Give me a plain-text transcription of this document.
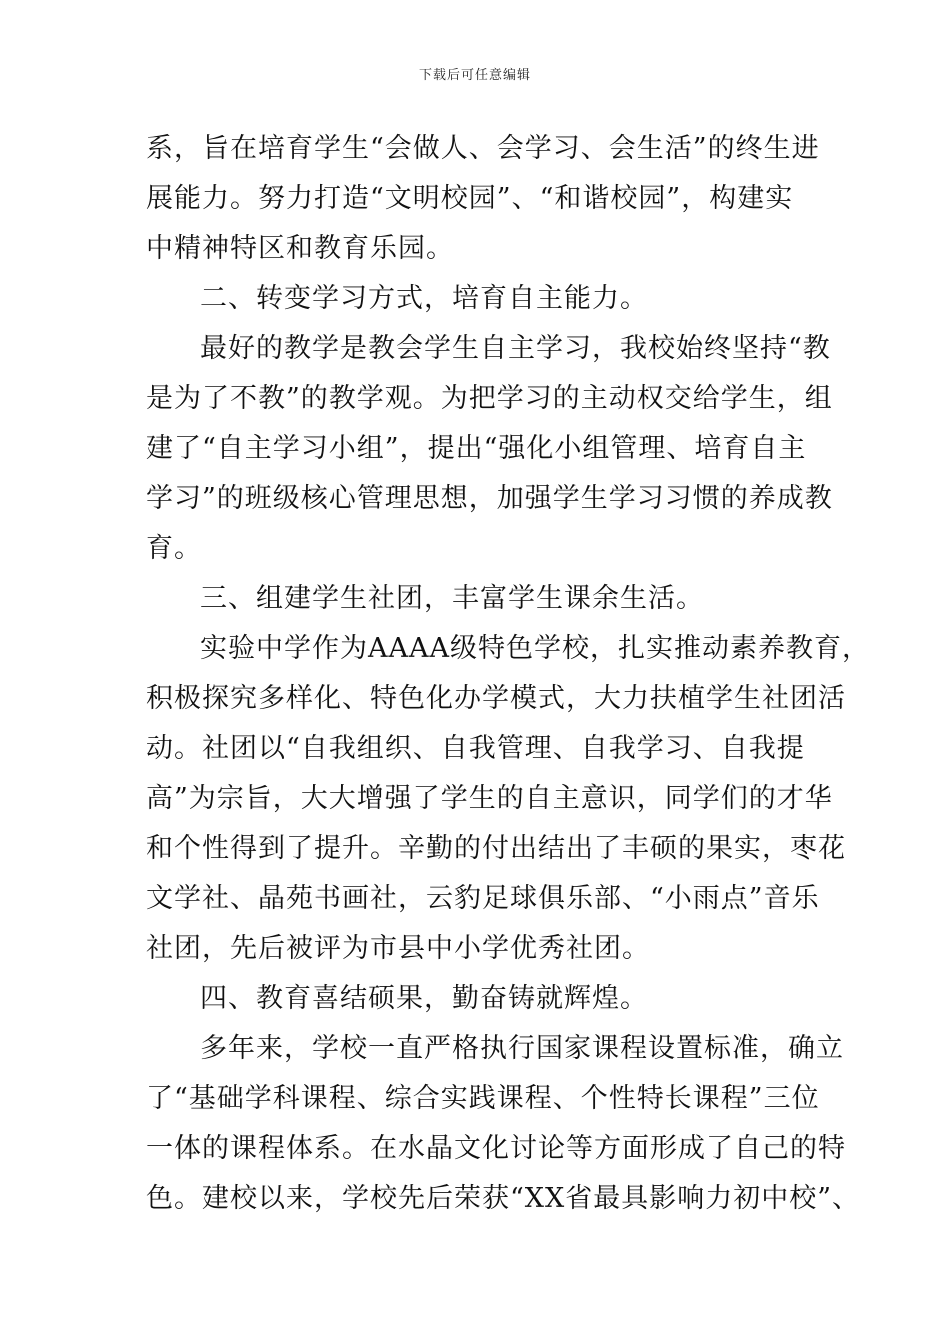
下载后可任意编辑
系，旨在培育学生“会做人、会学习、会生活”的终生进
展能力。努力打造“文明校园”、“和谐校园”，构建实
中精神特区和教育乐园。
二、转变学习方式，培育自主能力。
最好的教学是教会学生自主学习，我校始终坚持“教
是为了不教”的教学观。为把学习的主动权交给学生，组
建了“自主学习小组”，提出“强化小组管理、培育自主
学习”的班级核心管理思想，加强学生学习习惯的养成教
育。
三、组建学生社团，丰富学生课余生活。
实验中学作为AAAA级特色学校，扎实推动素养教育，
积极探究多样化、特色化办学模式，大力扶植学生社团活
动。社团以“自我组织、自我管理、自我学习、自我提
高”为宗旨，大大增强了学生的自主意识，同学们的才华
和个性得到了提升。辛勤的付出结出了丰硕的果实，枣花
文学社、晶苑书画社，云豹足球俱乐部、“小雨点”音乐
社团，先后被评为市县中小学优秀社团。
四、教育喜结硕果，勤奋铸就辉煌。
多年来，学校一直严格执行国家课程设置标准，确立
了“基础学科课程、综合实践课程、个性特长课程”三位
一体的课程体系。在水晶文化讨论等方面形成了自己的特
色。建校以来，学校先后荣获“XX省最具影响力初中校”、
